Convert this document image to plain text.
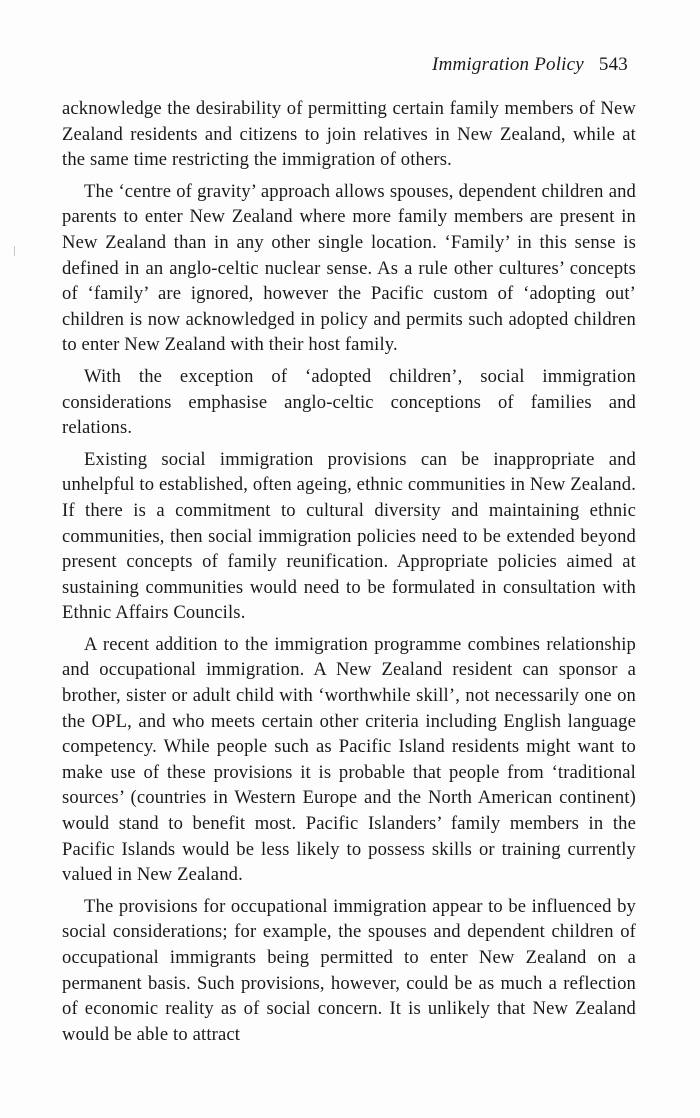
Immigration Policy 543

acknowledge the desirability of permitting certain family members of New Zealand residents and citizens to join relatives in New Zealand, while at the same time restricting the immigration of others.

The ‘centre of gravity’ approach allows spouses, dependent children and parents to enter New Zealand where more family members are present in New Zealand than in any other single location. ‘Family’ in this sense is defined in an anglo-celtic nuclear sense. As a rule other cultures’ concepts of ‘family’ are ignored, however the Pacific custom of ‘adopting out’ children is now acknowledged in policy and permits such adopted children to enter New Zealand with their host family.

With the exception of ‘adopted children’, social immigration considerations emphasise anglo-celtic conceptions of families and relations.

Existing social immigration provisions can be inappropriate and unhelpful to established, often ageing, ethnic communities in New Zealand. If there is a commitment to cultural diversity and maintaining ethnic communities, then social immigration policies need to be extended beyond present concepts of family reunification. Appropriate policies aimed at sustaining communities would need to be formulated in consultation with Ethnic Affairs Councils.

A recent addition to the immigration programme combines relationship and occupational immigration. A New Zealand resident can sponsor a brother, sister or adult child with ‘worthwhile skill’, not necessarily one on the OPL, and who meets certain other criteria including English language competency. While people such as Pacific Island residents might want to make use of these provisions it is probable that people from ‘traditional sources’ (countries in Western Europe and the North American continent) would stand to benefit most. Pacific Islanders’ family members in the Pacific Islands would be less likely to possess skills or training currently valued in New Zealand.

The provisions for occupational immigration appear to be influenced by social considerations; for example, the spouses and dependent children of occupational immigrants being permitted to enter New Zealand on a permanent basis. Such provisions, however, could be as much a reflection of economic reality as of social concern. It is unlikely that New Zealand would be able to attract
